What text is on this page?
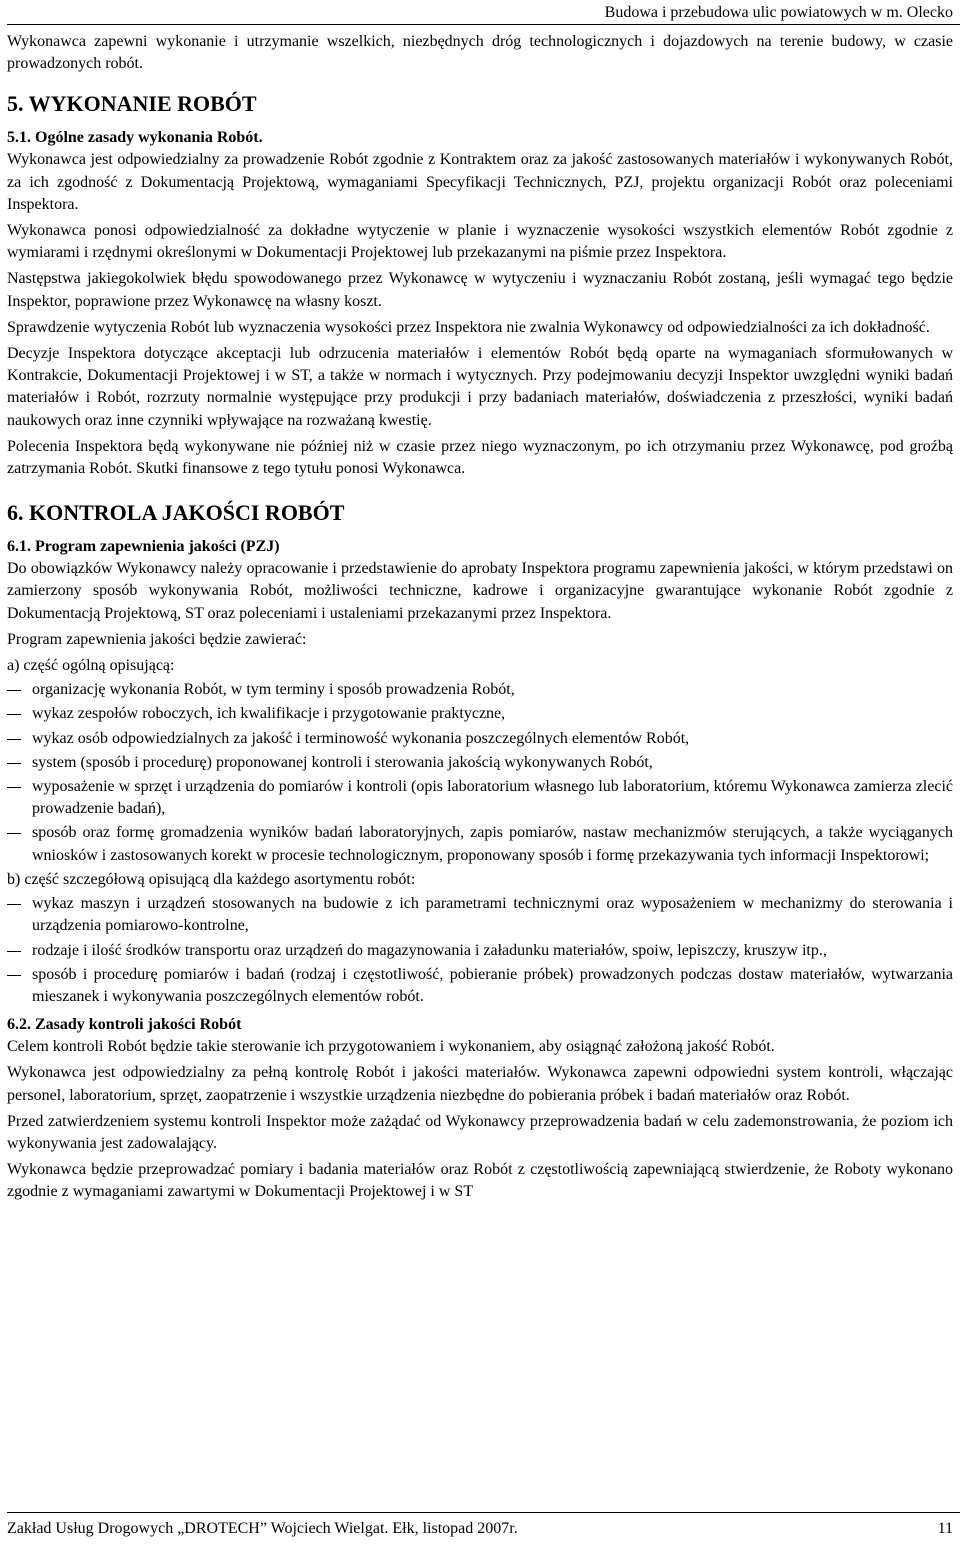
Budowa i przebudowa ulic powiatowych w m. Olecko

Wykonawca zapewni wykonanie i utrzymanie wszelkich, niezbędnych dróg technologicznych i dojazdowych na terenie budowy, w czasie prowadzonych robót.

5. WYKONANIE ROBÓT
5.1. Ogólne zasady wykonania Robót.

Wykonawca jest odpowiedzialny za prowadzenie Robót zgodnie z Kontraktem oraz za jakość zastosowanych materiałów i wykonywanych Robót, za ich zgodność z Dokumentacją Projektową, wymaganiami Specyfikacji Technicznych, PZJ, projektu organizacji Robót oraz poleceniami Inspektora.

Wykonawca ponosi odpowiedzialność za dokładne wytyczenie w planie i wyznaczenie wysokości wszystkich elementów Robót zgodnie z wymiarami i rzędnymi określonymi w Dokumentacji Projektowej lub przekazanymi na piśmie przez Inspektora.

Następstwa jakiegokolwiek błędu spowodowanego przez Wykonawcę w wytyczeniu i wyznaczaniu Robót zostaną, jeśli wymagać tego będzie Inspektor, poprawione przez Wykonawcę na własny koszt.

Sprawdzenie wytyczenia Robót lub wyznaczenia wysokości przez Inspektora nie zwalnia Wykonawcy od odpowiedzialności za ich dokładność.

Decyzje Inspektora dotyczące akceptacji lub odrzucenia materiałów i elementów Robót będą oparte na wymaganiach sformułowanych w Kontrakcie, Dokumentacji Projektowej i w ST, a także w normach i wytycznych. Przy podejmowaniu decyzji Inspektor uwzględni wyniki badań materiałów i Robót, rozrzuty normalnie występujące przy produkcji i przy badaniach materiałów, doświadczenia z przeszłości, wyniki badań naukowych oraz inne czynniki wpływające na rozważaną kwestię.

Polecenia Inspektora będą wykonywane nie później niż w czasie przez niego wyznaczonym, po ich otrzymaniu przez Wykonawcę, pod groźbą zatrzymania Robót. Skutki finansowe z tego tytułu ponosi Wykonawca.

6. KONTROLA JAKOŚCI ROBÓT
6.1. Program zapewnienia jakości (PZJ)

Do obowiązków Wykonawcy należy opracowanie i przedstawienie do aprobaty Inspektora programu zapewnienia jakości, w którym przedstawi on zamierzony sposób wykonywania Robót, możliwości techniczne, kadrowe i organizacyjne gwarantujące wykonanie Robót zgodnie z Dokumentacją Projektową, ST oraz poleceniami i ustaleniami przekazanymi przez Inspektora.

Program zapewnienia jakości będzie zawierać:

a) część ogólną opisującą:

organizację wykonania Robót, w tym terminy i sposób prowadzenia Robót,
wykaz zespołów roboczych, ich kwalifikacje i przygotowanie praktyczne,
wykaz osób odpowiedzialnych za jakość i terminowość wykonania poszczególnych elementów Robót,
system (sposób i procedurę) proponowanej kontroli i sterowania jakością wykonywanych Robót,
wyposażenie w sprzęt i urządzenia do pomiarów i kontroli (opis laboratorium własnego lub laboratorium, któremu Wykonawca zamierza zlecić prowadzenie badań),
sposób oraz formę gromadzenia wyników badań laboratoryjnych, zapis pomiarów, nastaw mechanizmów sterujących, a także wyciąganych wniosków i zastosowanych korekt w procesie technologicznym, proponowany sposób i formę przekazywania tych informacji Inspektorowi;

b) część szczegółową opisującą dla każdego asortymentu robót:

wykaz maszyn i urządzeń stosowanych na budowie z ich parametrami technicznymi oraz wyposażeniem w mechanizmy do sterowania i urządzenia pomiarowo-kontrolne,
rodzaje i ilość środków transportu oraz urządzeń do magazynowania i załadunku materiałów, spoiw, lepiszczy, kruszyw itp.,
sposób i procedurę pomiarów i badań (rodzaj i częstotliwość, pobieranie próbek) prowadzonych podczas dostaw materiałów, wytwarzania mieszanek i wykonywania poszczególnych elementów robót.
6.2. Zasady kontroli jakości Robót

Celem kontroli Robót będzie takie sterowanie ich przygotowaniem i wykonaniem, aby osiągnąć założoną jakość Robót.

Wykonawca jest odpowiedzialny za pełną kontrolę Robót i jakości materiałów. Wykonawca zapewni odpowiedni system kontroli, włączając personel, laboratorium, sprzęt, zaopatrzenie i wszystkie urządzenia niezbędne do pobierania próbek i badań materiałów oraz Robót.

Przed zatwierdzeniem systemu kontroli Inspektor może zażądać od Wykonawcy przeprowadzenia badań w celu zademonstrowania, że poziom ich wykonywania jest zadowalający.

Wykonawca będzie przeprowadzać pomiary i badania materiałów oraz Robót z częstotliwością zapewniającą stwierdzenie, że Roboty wykonano zgodnie z wymaganiami zawartymi w Dokumentacji Projektowej i w ST

Zakład Usług Drogowych „DROTECH” Wojciech Wielgat. Ełk, listopad 2007r.	11
